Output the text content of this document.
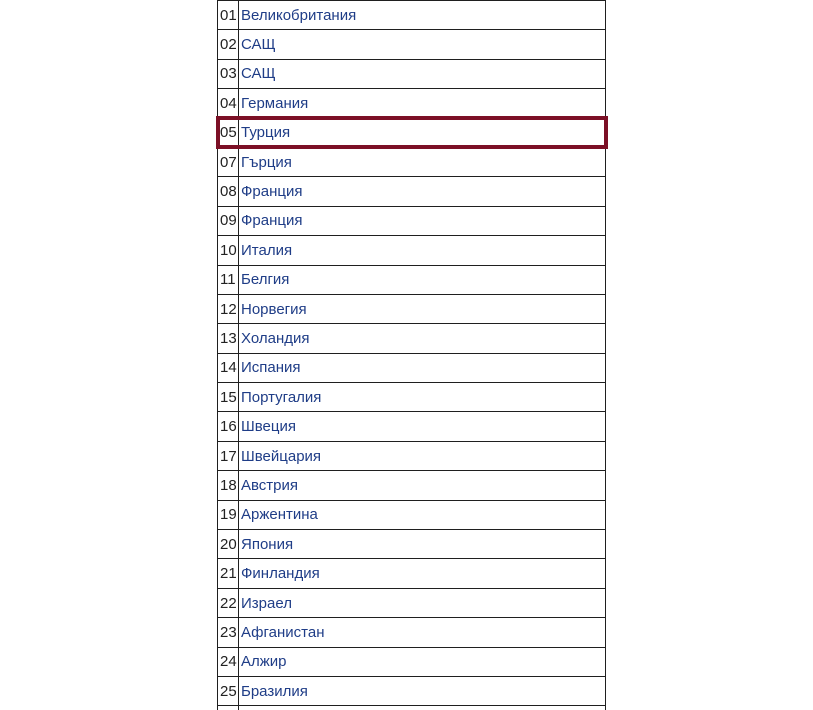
01	Великобритания
02	САЩ
03	САЩ
04	Германия
05	Турция
07	Гърция
08	Франция
09	Франция
10	Италия
11	Белгия
12	Норвегия
13	Холандия
14	Испания
15	Португалия
16	Швеция
17	Швейцария
18	Австрия
19	Аржентина
20	Япония
21	Финландия
22	Израел
23	Афганистан
24	Алжир
25	Бразилия
